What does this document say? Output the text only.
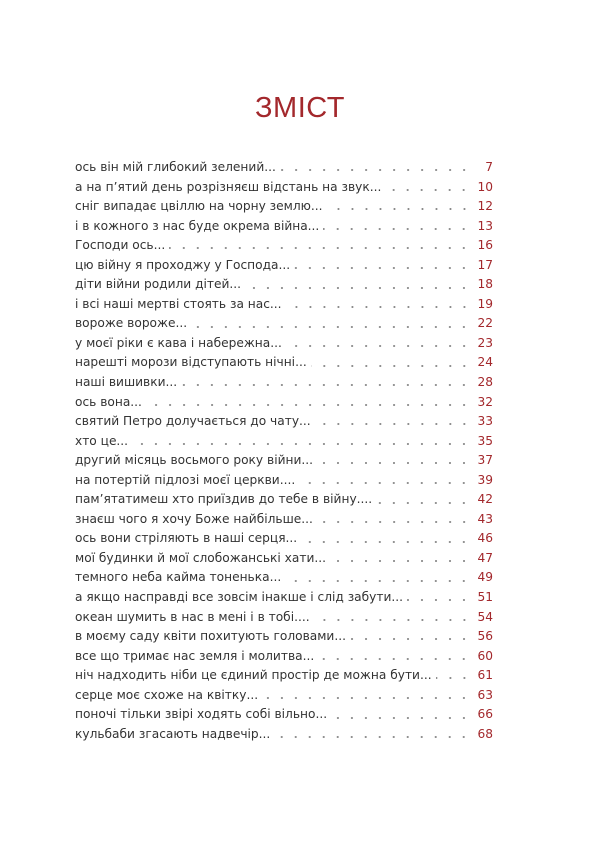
ЗМІСТ
ось він мій глибокий зелений...	7
а на п’ятий день розрізняєш відстань на звук...	10
сніг випадає цвіллю на чорну землю...	12
і в кожного з нас буде окрема війна...	13
Господи ось...	16
цю війну я проходжу у Господа...	17
діти війни родили дітей...	18
і всі наші мертві стоять за нас...	19
вороже вороже...	22
у моєї ріки є кава і набережна...	23
нарешті морози відступають нічні...	24
наші вишивки...	28
ось вона...	32
святий Петро долучається до чату...	33
хто це...	35
другий місяць восьмого року війни...	37
на потертій підлозі моєї церкви....	39
пам’ятатимеш хто приїздив до тебе в війну....	42
знаєш чого я хочу Боже найбільше...	43
ось вони стріляють в наші серця...	46
мої будинки й мої слобожанські хати...	47
темного неба кайма тоненька...	49
а якщо насправді все зовсім інакше і слід забути...	51
океан шумить в нас в мені і в тобі....	54
в моєму саду квіти похитують головами...	56
все що тримає нас земля і молитва...	60
ніч надходить ніби це єдиний простір де можна бути...	61
серце моє схоже на квітку...	63
поночі тільки звірі ходять собі вільно...	66
кульбаби згасають надвечір...	68
